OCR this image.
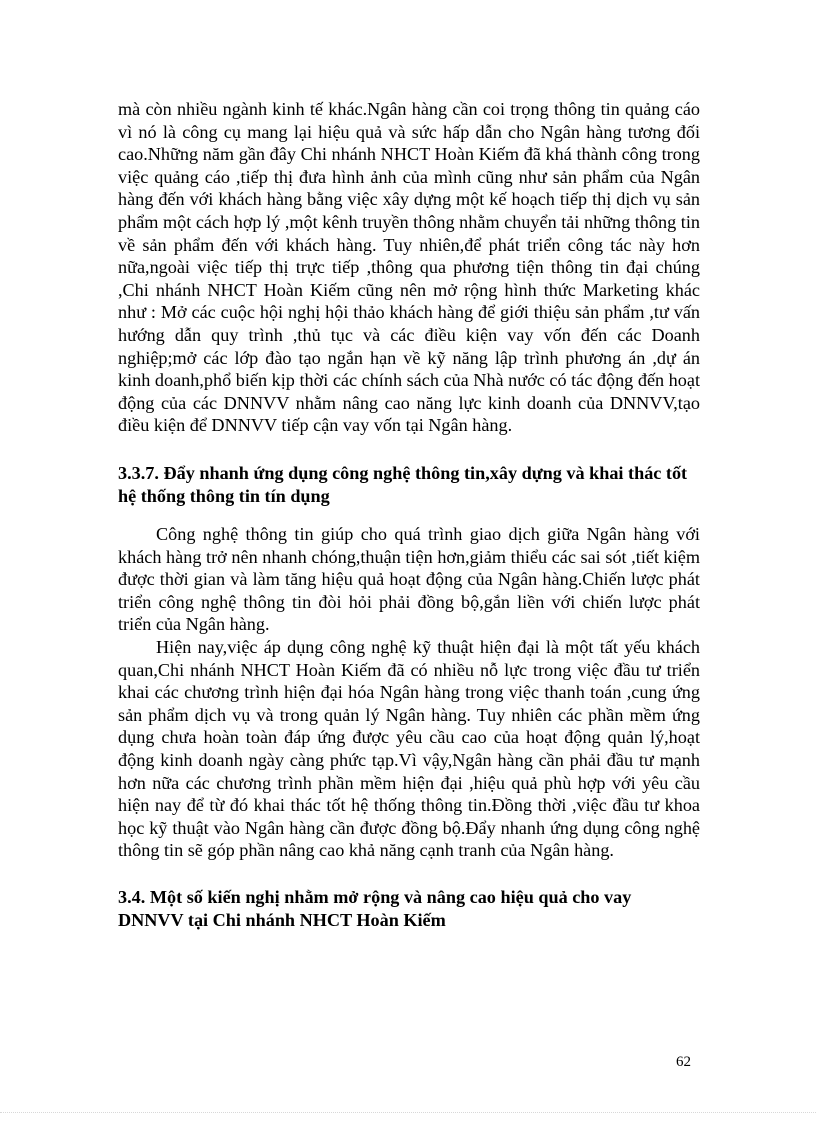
mà còn nhiều ngành kinh tế khác.Ngân hàng cần coi trọng thông tin quảng cáo vì nó là công cụ mang lại hiệu quả và sức hấp dẫn cho Ngân hàng tương đối cao.Những năm gần đây Chi nhánh NHCT Hoàn Kiếm đã khá thành công trong việc quảng cáo ,tiếp thị đưa hình ảnh của mình cũng như sản phẩm của Ngân hàng đến với khách hàng bằng việc xây dựng một kế hoạch tiếp thị dịch vụ sản phẩm một cách hợp lý ,một kênh truyền thông nhằm chuyển tải những thông tin về sản phẩm đến với khách hàng. Tuy nhiên,để phát triển công tác này hơn nữa,ngoài việc tiếp thị trực tiếp ,thông qua phương tiện thông tin đại chúng ,Chi nhánh NHCT Hoàn Kiếm cũng nên mở rộng hình thức Marketing khác như : Mở các cuộc hội nghị hội thảo khách hàng để giới thiệu sản phẩm ,tư vấn hướng dẫn quy trình ,thủ tục và các điều kiện vay vốn đến các Doanh nghiệp;mở các lớp đào tạo ngắn hạn về kỹ năng lập trình phương án ,dự án kinh doanh,phổ biến kịp thời các chính sách của Nhà nước có tác động đến hoạt động của các DNNVV nhằm nâng cao năng lực kinh doanh của DNNVV,tạo điều kiện để DNNVV tiếp cận vay vốn tại Ngân hàng.

3.3.7. Đẩy nhanh ứng dụng công nghệ thông tin,xây dựng và khai thác tốt hệ thống thông tin tín dụng

Công nghệ thông tin giúp cho quá trình giao dịch giữa Ngân hàng với khách hàng trở nên nhanh chóng,thuận tiện hơn,giảm thiểu các sai sót ,tiết kiệm được thời gian và làm tăng hiệu quả hoạt động của Ngân hàng.Chiến lược phát triển công nghệ thông tin đòi hỏi phải đồng bộ,gắn liền với chiến lược phát triển của Ngân hàng.

Hiện nay,việc áp dụng công nghệ kỹ thuật hiện đại là một tất yếu khách quan,Chi nhánh NHCT Hoàn Kiếm đã có nhiều nỗ lực trong việc đầu tư triển khai các chương trình hiện đại hóa Ngân hàng trong việc thanh toán ,cung ứng sản phẩm dịch vụ và trong quản lý Ngân hàng. Tuy nhiên các phần mềm ứng dụng chưa hoàn toàn đáp ứng được yêu cầu cao của hoạt động quản lý,hoạt động kinh doanh ngày càng phức tạp.Vì vậy,Ngân hàng cần phải đầu tư mạnh hơn nữa các chương trình phần mềm hiện đại ,hiệu quả phù hợp với yêu cầu hiện nay để từ đó khai thác tốt hệ thống thông tin.Đồng thời ,việc đầu tư khoa học kỹ thuật vào Ngân hàng cần được đồng bộ.Đẩy nhanh ứng dụng công nghệ thông tin sẽ góp phần nâng cao khả năng cạnh tranh của Ngân hàng.

3.4. Một số kiến nghị nhằm mở rộng và nâng cao hiệu quả cho vay DNNVV tại Chi nhánh NHCT Hoàn Kiếm

62
